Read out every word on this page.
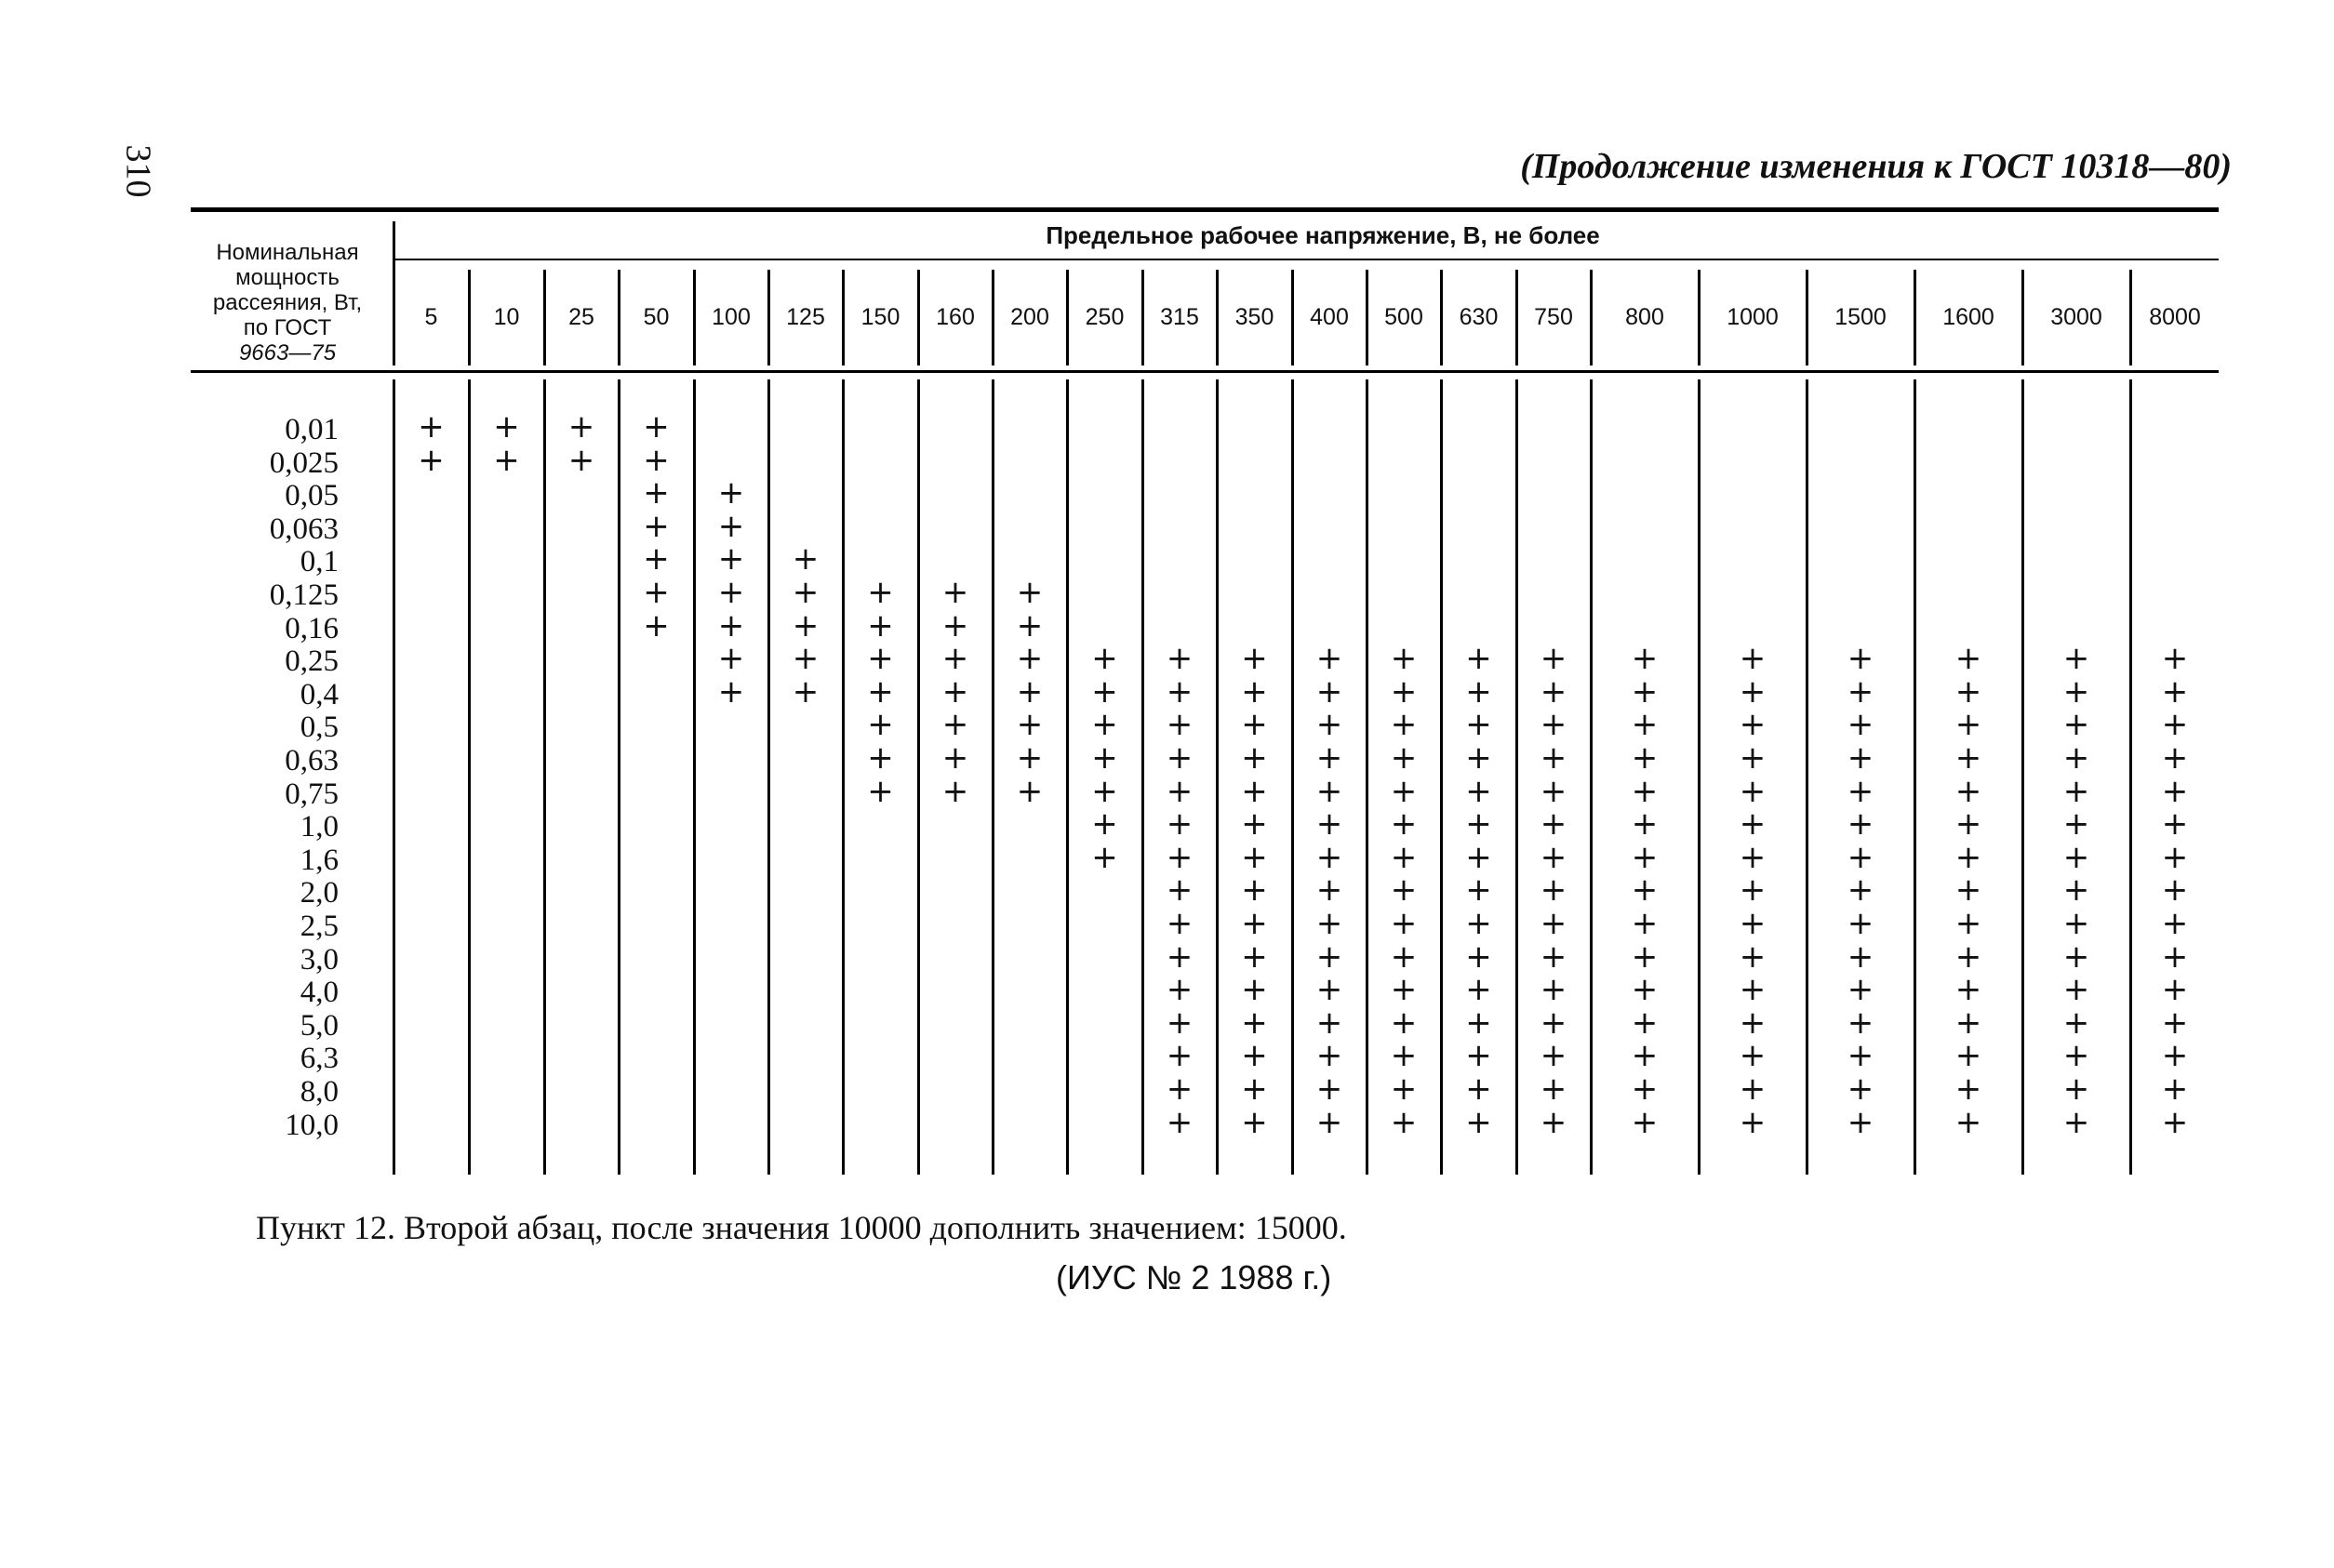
310	(Продолжение изменения к ГОСТ 10318—80)
Номинальная
мощность
рассеяния, Вт,
по ГОСТ
9663—75
Предельное рабочее напряжение, В, не более
5 10 25 50 100 125 150 160 200 250 315 350 400 500 630 750 800	1000 1500 1600 3000 8000
0,01
0,025
0,05
0,063
0,1
0,125
0,16
0,25
0,4
0,5
0,63
0,75
1,0
1,6
2,0
2,5
3,0
4,0
5,0
6,3
8,0
10,0
+
+
+
+
+
+
+
+
+
+
+
+
+
+
+
+
+
+
+
+
+
+
+
+
+
+
+
+
+
+
+
+
+
+
+
+
+
+
+
+
+
+
+
+
+
+
+
+
+
+
+
+
+
+
+
+
+
+
+
+
+
+
+
+
+
+
+
+
+
+
+
+
+
+
+
+
+
+
+
+
+
+
+
+
+
+
+
+
+
+
+
+
+
+
+
+
+
+
+
+
+
+
+
+
+
+
+
+
+
+
+
+
+
+
+
+
+
+
+
+
+
+
+
+
+
+
+
+
+
+
+
+
+
+
+
+
+
+
+
+
+
+
+
+
+
+
+
+
+
+
+
+
+
+
+
+
+
+
+
+
+
+
+
+
+
+
+
+
+
+
+
+
+
+
+
+
+
+
+
+
+
+
+
+
+
+
+
+
+
+
+
+
+
+
+
+
+
+
+
+
+
+
+
+
+
+
+
+
+
+
+
+
+
+
+
+
+
+
+
+
+
+
+
+
+
+
+
+
+
+
+
+
+
Пункт 12. Второй абзац, после значения 10000 дополнить значением: 15000.
(ИУС № 2 1988 г.)
